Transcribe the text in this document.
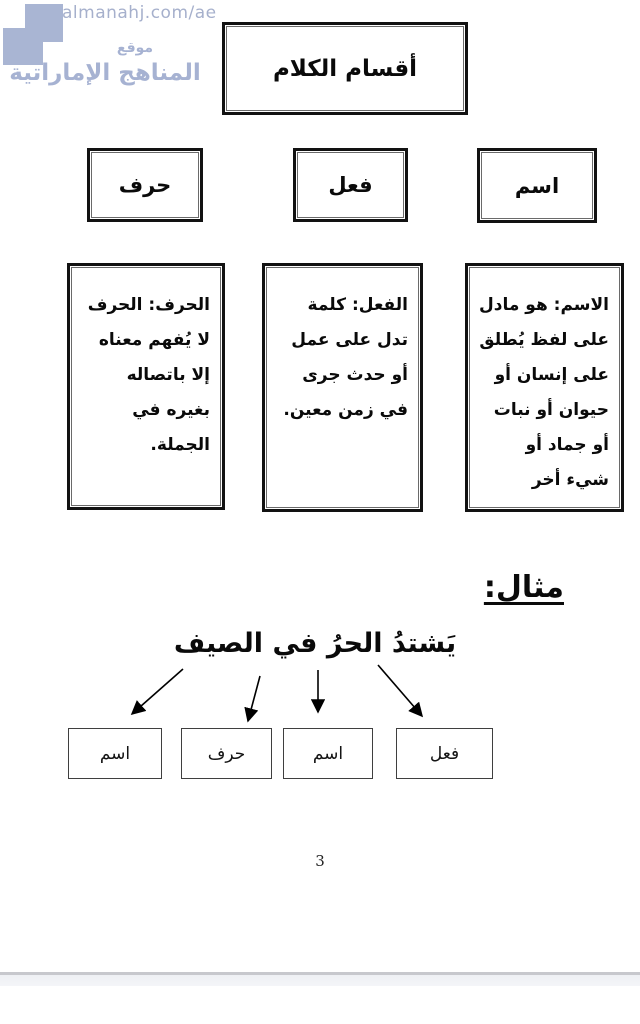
almanahj.com/ae
موقع
المناهج الإماراتية	أقسام الكلام
حرف	فعل	اسم
الحرف: الحرف لا يُفهم معناه إلا باتصاله بغيره في الجملة.
الفعل: كلمة تدل على عمل أو حدث جرى في زمن معين.
الاسم: هو مادل على لفظ يُطلق على إنسان أو حيوان أو نبات أو جماد أو شيء أخر
مثال:
يَشتدُ الحرُ في الصيف
اسم	حرف	اسم	فعل
3
